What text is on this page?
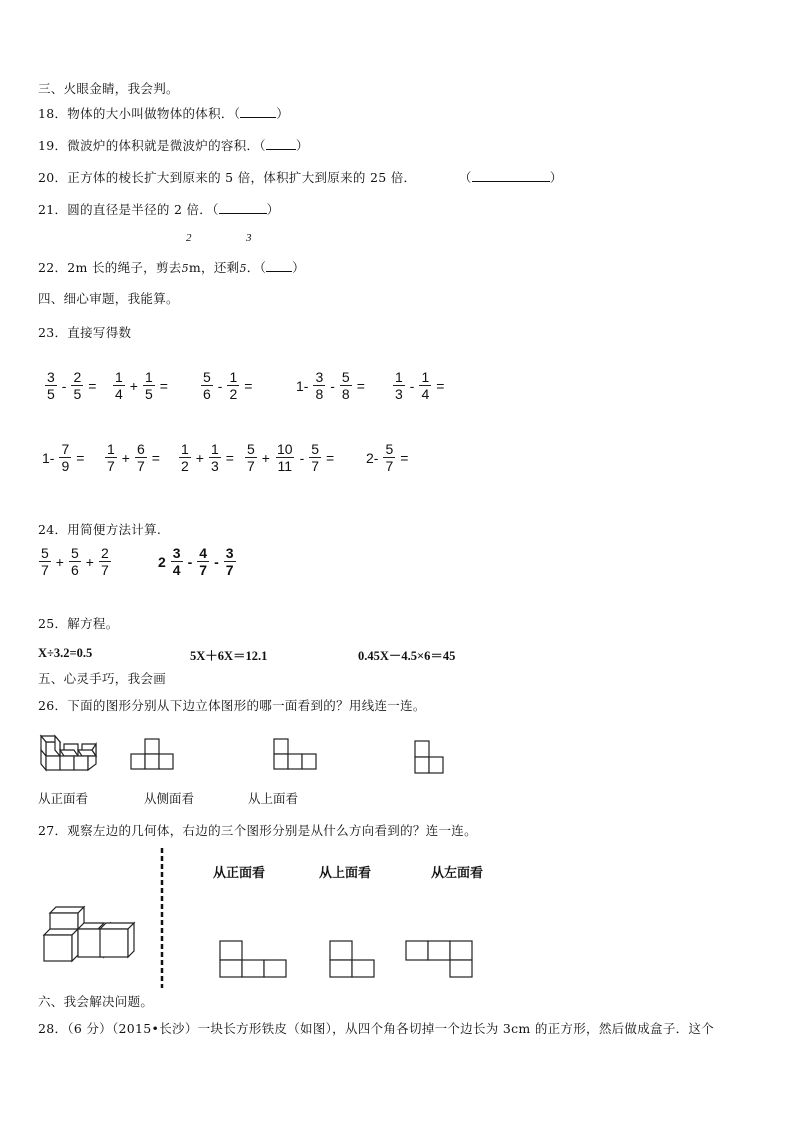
三、火眼金睛，我会判。
18．物体的大小叫做物体的体积．（	）
19．微波炉的体积就是微波炉的容积．（ ）
20．正方体的棱长扩大到原来的 5 倍，体积扩大到原来的 25 倍．	（	）
21．圆的直径是半径的 2 倍．（	）
2	3
22．2m 长的绳子，剪去5m，还剩5．（ ）
四、细心审题，我能算。
23．直接写得数
$\frac{3}{5} - \frac{2}{5} = \frac{1}{4} + \frac{1}{5} = \frac{5}{6} - \frac{1}{2}$ =	$1- \frac{3}{8} - \frac{5}{8} = \frac{1}{3} - \frac{1}{4}$ =
$1- \frac{7}{9} = \frac{1}{7} + \frac{6}{7} = \frac{1}{2} + \frac{1}{3} = \frac{5}{7} + \frac{10}{11} - \frac{5}{7} = 2- \frac{5}{7}$ =
24．用简便方法计算.
$\frac{5}{7} + \frac{5}{6} + \frac{2}{7}$	$2 \frac{3}{4} - \frac{4}{7} - \frac{3}{7}$
25．解方程。
X÷3.2=0.5	5X＋6X＝12.1	0.45X－4.5×6＝45
五、心灵手巧，我会画
26．下面的图形分别从下边立体图形的哪一面看到的？用线连一连。
从正面看	从侧面看	从上面看
27．观察左边的几何体，右边的三个图形分别是从什么方向看到的？连一连。
从正面看	从上面看	从左面看
六、我会解决问题。
28．（6 分）（2015•长沙）一块长方形铁皮（如图），从四个角各切掉一个边长为 3cm 的正方形，然后做成盒子．这个
